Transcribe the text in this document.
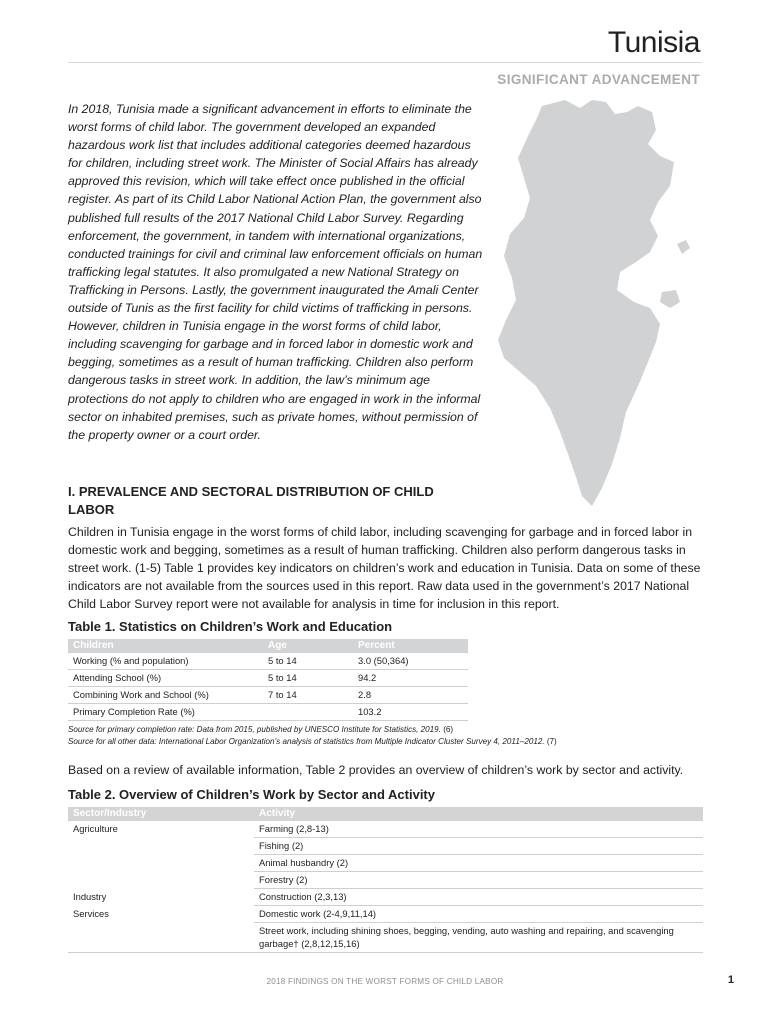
Tunisia
SIGNIFICANT ADVANCEMENT

In 2018, Tunisia made a significant advancement in efforts to eliminate the worst forms of child labor. The government developed an expanded hazardous work list that includes additional categories deemed hazardous for children, including street work. The Minister of Social Affairs has already approved this revision, which will take effect once published in the official register. As part of its Child Labor National Action Plan, the government also published full results of the 2017 National Child Labor Survey. Regarding enforcement, the government, in tandem with international organizations, conducted trainings for civil and criminal law enforcement officials on human trafficking legal statutes. It also promulgated a new National Strategy on Trafficking in Persons. Lastly, the government inaugurated the Amali Center outside of Tunis as the first facility for child victims of trafficking in persons. However, children in Tunisia engage in the worst forms of child labor, including scavenging for garbage and in forced labor in domestic work and begging, sometimes as a result of human trafficking. Children also perform dangerous tasks in street work. In addition, the law’s minimum age protections do not apply to children who are engaged in work in the informal sector on inhabited premises, such as private homes, without permission of the property owner or a court order.

I. PREVALENCE AND SECTORAL DISTRIBUTION OF CHILD LABOR

Children in Tunisia engage in the worst forms of child labor, including scavenging for garbage and in forced labor in domestic work and begging, sometimes as a result of human trafficking. Children also perform dangerous tasks in street work. (1-5) Table 1 provides key indicators on children’s work and education in Tunisia. Data on some of these indicators are not available from the sources used in this report. Raw data used in the government’s 2017 National Child Labor Survey report were not available for analysis in time for inclusion in this report.

Table 1. Statistics on Children’s Work and Education
Children	Age	Percent
Working (% and population)	5 to 14	3.0 (50,364)
Attending School (%)	5 to 14	94.2
Combining Work and School (%)	7 to 14	2.8
Primary Completion Rate (%)		103.2
Source for primary completion rate: Data from 2015, published by UNESCO Institute for Statistics, 2019. (6)
Source for all other data: International Labor Organization’s analysis of statistics from Multiple Indicator Cluster Survey 4, 2011–2012. (7)

Based on a review of available information, Table 2 provides an overview of children’s work by sector and activity.

Table 2. Overview of Children’s Work by Sector and Activity
Sector/Industry	Activity
Agriculture	Farming (2,8-13)
	Fishing (2)
	Animal husbandry (2)
	Forestry (2)
Industry	Construction (2,3,13)
Services	Domestic work (2-4,9,11,14)
	Street work, including shining shoes, begging, vending, auto washing and repairing, and scavenging garbage† (2,8,12,15,16)
2018 FINDINGS ON THE WORST FORMS OF CHILD LABOR	1
